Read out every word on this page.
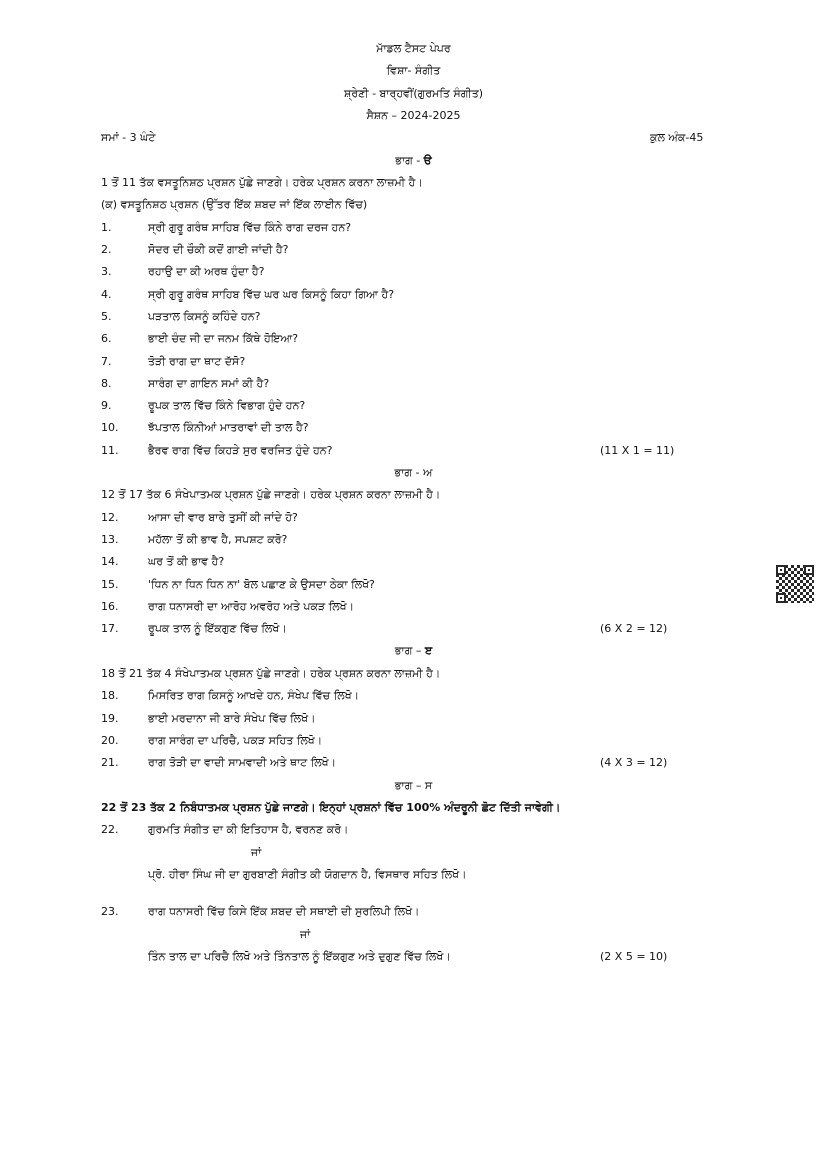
ਮਾੱਡਲ ਟੈਸਟ ਪੇਪਰ
ਵਿਸ਼ਾ- ਸੰਗੀਤ
ਸ਼੍ਰੇਣੀ - ਬਾਰ੍ਹਵੀਂ(ਗੁਰਮਤਿ ਸੰਗੀਤ)
ਸੈਸ਼ਨ – 2024-2025
ਸਮਾਂ - 3 ਘੰਟੇ	ਕੁਲ ਅੰਕ-45
ਭਾਗ - ੳ
1 ਤੋਂ 11 ਤੱਕ ਵਸਤੂਨਿਸ਼ਠ ਪ੍ਰਸ਼ਨ ਪੁੱਛੇ ਜਾਣਗੇ। ਹਰੇਕ ਪ੍ਰਸ਼ਨ ਕਰਨਾ ਲਾਜ਼ਮੀ ਹੈ।
(ਕ) ਵਸਤੂਨਿਸ਼ਠ ਪ੍ਰਸ਼ਨ (ਉੱਤਰ ਇੱਕ ਸ਼ਬਦ ਜਾਂ ਇੱਕ ਲਾਈਨ ਵਿੱਚ)
1.	ਸ੍ਰੀ ਗੁਰੂ ਗਰੰਥ ਸਾਹਿਬ ਵਿੱਚ ਕਿੰਨੇ ਰਾਗ ਦਰਜ ਹਨ?
2.	ਸੋਦਰ ਦੀ ਚੌਕੀ ਕਦੋਂ ਗਾਈ ਜਾਂਦੀ ਹੈ?
3.	ਰਹਾਉ ਦਾ ਕੀ ਅਰਥ ਹੁੰਦਾ ਹੈ?
4.	ਸ੍ਰੀ ਗੁਰੂ ਗਰੰਥ ਸਾਹਿਬ ਵਿੱਚ ਘਰ ਘਰ ਕਿਸਨੂੰ ਕਿਹਾ ਗਿਆ ਹੈ?
5.	ਪੜਤਾਲ ਕਿਸਨੂੰ ਕਹਿੰਦੇ ਹਨ?
6.	ਭਾਈ ਚੰਦ ਜੀ ਦਾ ਜਨਮ ਕਿੱਥੇ ਹੋਇਆ?
7.	ਤੋੜੀ ਰਾਗ ਦਾ ਥਾਟ ਦੱਸੋ?
8.	ਸਾਰੰਗ ਦਾ ਗਾਇਨ ਸਮਾਂ ਕੀ ਹੈ?
9.	ਰੂਪਕ ਤਾਲ ਵਿੱਚ ਕਿੰਨੇ ਵਿਭਾਗ ਹੁੰਦੇ ਹਨ?
10.	ਝੱਪਤਾਲ ਕਿੰਨੀਆਂ ਮਾਤਰਾਵਾਂ ਦੀ ਤਾਲ ਹੈ?
11.	ਭੈਰਵ ਰਾਗ ਵਿੱਚ ਕਿਹੜੇ ਸੁਰ ਵਰਜਿਤ ਹੁੰਦੇ ਹਨ?	(11 X 1 = 11)
ਭਾਗ - ਅ
12 ਤੋਂ 17 ਤੱਕ 6 ਸੰਖੇਪਾਤਮਕ ਪ੍ਰਸ਼ਨ ਪੁੱਛੇ ਜਾਣਗੇ। ਹਰੇਕ ਪ੍ਰਸ਼ਨ ਕਰਨਾ ਲਾਜ਼ਮੀ ਹੈ।
12.	ਆਸਾ ਦੀ ਵਾਰ ਬਾਰੇ ਤੁਸੀਂ ਕੀ ਜਾਂਦੇ ਹੋ?
13.	ਮਹੱਲਾ ਤੋਂ ਕੀ ਭਾਵ ਹੈ, ਸਪਸ਼ਟ ਕਰੋ?
14.	ਘਰ ਤੋਂ ਕੀ ਭਾਵ ਹੈ?
15.	'ਧਿਨ ਨਾ ਧਿਨ ਧਿਨ ਨਾ' ਬੋਲ ਪਛਾਣ ਕੇ ਉਸਦਾ ਠੇਕਾ ਲਿਖੋ?
16.	ਰਾਗ ਧਨਾਸਰੀ ਦਾ ਆਰੋਹ ਅਵਰੋਹ ਅਤੇ ਪਕੜ ਲਿਖੋ।
17.	ਰੂਪਕ ਤਾਲ ਨੂੰ ਇੱਕਗੁਣ ਵਿੱਚ ਲਿਖੋ।	(6 X 2 = 12)
ਭਾਗ – ੲ
18 ਤੋਂ 21 ਤੱਕ 4 ਸੰਖੇਪਾਤਮਕ ਪ੍ਰਸ਼ਨ ਪੁੱਛੇ ਜਾਣਗੇ। ਹਰੇਕ ਪ੍ਰਸ਼ਨ ਕਰਨਾ ਲਾਜ਼ਮੀ ਹੈ।
18.	ਮਿਸਰਿਤ ਰਾਗ ਕਿਸਨੂੰ ਆਖਦੇ ਹਨ, ਸੰਖੇਪ ਵਿੱਚ ਲਿਖੋ।
19.	ਭਾਈ ਮਰਦਾਨਾ ਜੀ ਬਾਰੇ ਸੰਖੇਪ ਵਿੱਚ ਲਿਖੋ।
20.	ਰਾਗ ਸਾਰੰਗ ਦਾ ਪਰਿਚੈ, ਪਕੜ ਸਹਿਤ ਲਿਖੋ।
21.	ਰਾਗ ਤੋੜੀ ਦਾ ਵਾਦੀ ਸਾਮਵਾਦੀ ਅਤੇ ਥਾਟ ਲਿਖੋ।	(4 X 3 = 12)
ਭਾਗ – ਸ
22 ਤੋਂ 23 ਤੱਕ 2 ਨਿਬੰਧਾਤਮਕ ਪ੍ਰਸ਼ਨ ਪੁੱਛੇ ਜਾਣਗੇ। ਇਨ੍ਹਾਂ ਪ੍ਰਸ਼ਨਾਂ ਵਿੱਚ 100% ਅੰਦਰੂਨੀ ਛੋਟ ਦਿੱਤੀ ਜਾਵੇਗੀ।
22.	ਗੁਰਮਤਿ ਸੰਗੀਤ ਦਾ ਕੀ ਇਤਿਹਾਸ ਹੈ, ਵਰਨਣ ਕਰੋ।
ਜਾਂ
ਪ੍ਰੋ. ਹੀਰਾ ਸਿੰਘ ਜੀ ਦਾ ਗੁਰਬਾਣੀ ਸੰਗੀਤ ਕੀ ਯੋਗਦਾਨ ਹੈ, ਵਿਸਥਾਰ ਸਹਿਤ ਲਿਖੋ।
23.	ਰਾਗ ਧਨਾਸਰੀ ਵਿੱਚ ਕਿਸੇ ਇੱਕ ਸ਼ਬਦ ਦੀ ਸਥਾਈ ਦੀ ਸੁਰਲਿਪੀ ਲਿਖੋ।
ਜਾਂ
ਤਿੰਨ ਤਾਲ ਦਾ ਪਰਿਚੈ ਲਿਖੋ ਅਤੇ ਤਿੰਨਤਾਲ ਨੂੰ ਇੱਕਗੁਣ ਅਤੇ ਦੁਗੁਣ ਵਿੱਚ ਲਿਖੋ।	(2 X 5 = 10)
